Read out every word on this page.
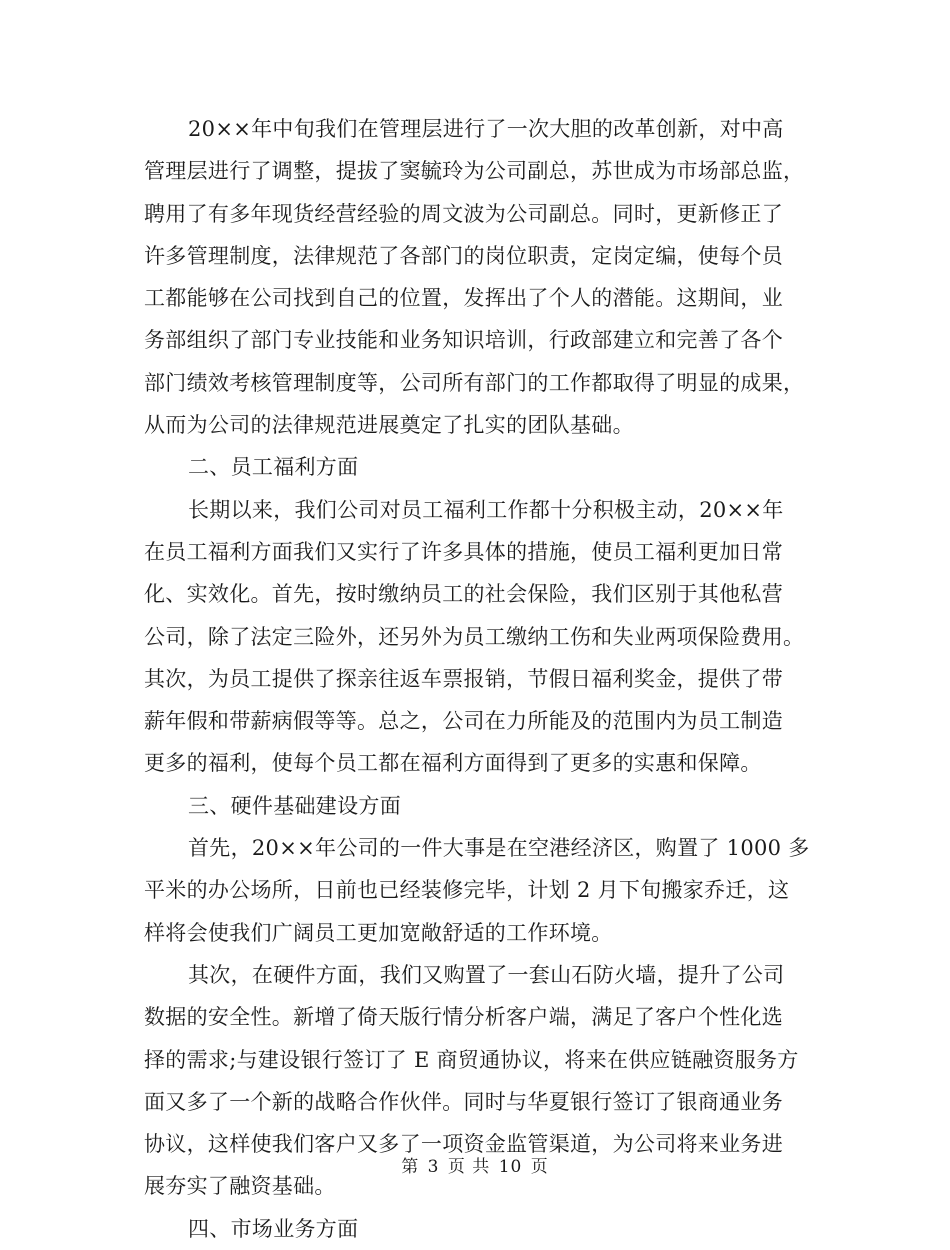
20××年中旬我们在管理层进行了一次大胆的改革创新，对中高
管理层进行了调整，提拔了窦毓玲为公司副总，苏世成为市场部总监，
聘用了有多年现货经营经验的周文波为公司副总。同时，更新修正了
许多管理制度，法律规范了各部门的岗位职责，定岗定编，使每个员
工都能够在公司找到自己的位置，发挥出了个人的潜能。这期间，业
务部组织了部门专业技能和业务知识培训，行政部建立和完善了各个
部门绩效考核管理制度等，公司所有部门的工作都取得了明显的成果，
从而为公司的法律规范进展奠定了扎实的团队基础。
二、员工福利方面
长期以来，我们公司对员工福利工作都十分积极主动，20××年
在员工福利方面我们又实行了许多具体的措施，使员工福利更加日常
化、实效化。首先，按时缴纳员工的社会保险，我们区别于其他私营
公司，除了法定三险外，还另外为员工缴纳工伤和失业两项保险费用。
其次，为员工提供了探亲往返车票报销，节假日福利奖金，提供了带
薪年假和带薪病假等等。总之，公司在力所能及的范围内为员工制造
更多的福利，使每个员工都在福利方面得到了更多的实惠和保障。
三、硬件基础建设方面
首先，20××年公司的一件大事是在空港经济区，购置了 1000 多
平米的办公场所，日前也已经装修完毕，计划 2 月下旬搬家乔迁，这
样将会使我们广阔员工更加宽敞舒适的工作环境。
其次，在硬件方面，我们又购置了一套山石防火墙，提升了公司
数据的安全性。新增了倚天版行情分析客户端，满足了客户个性化选
择的需求;与建设银行签订了 E 商贸通协议，将来在供应链融资服务方
面又多了一个新的战略合作伙伴。同时与华夏银行签订了银商通业务
协议，这样使我们客户又多了一项资金监管渠道，为公司将来业务进
展夯实了融资基础。
四、市场业务方面
第 3 页 共 10 页
